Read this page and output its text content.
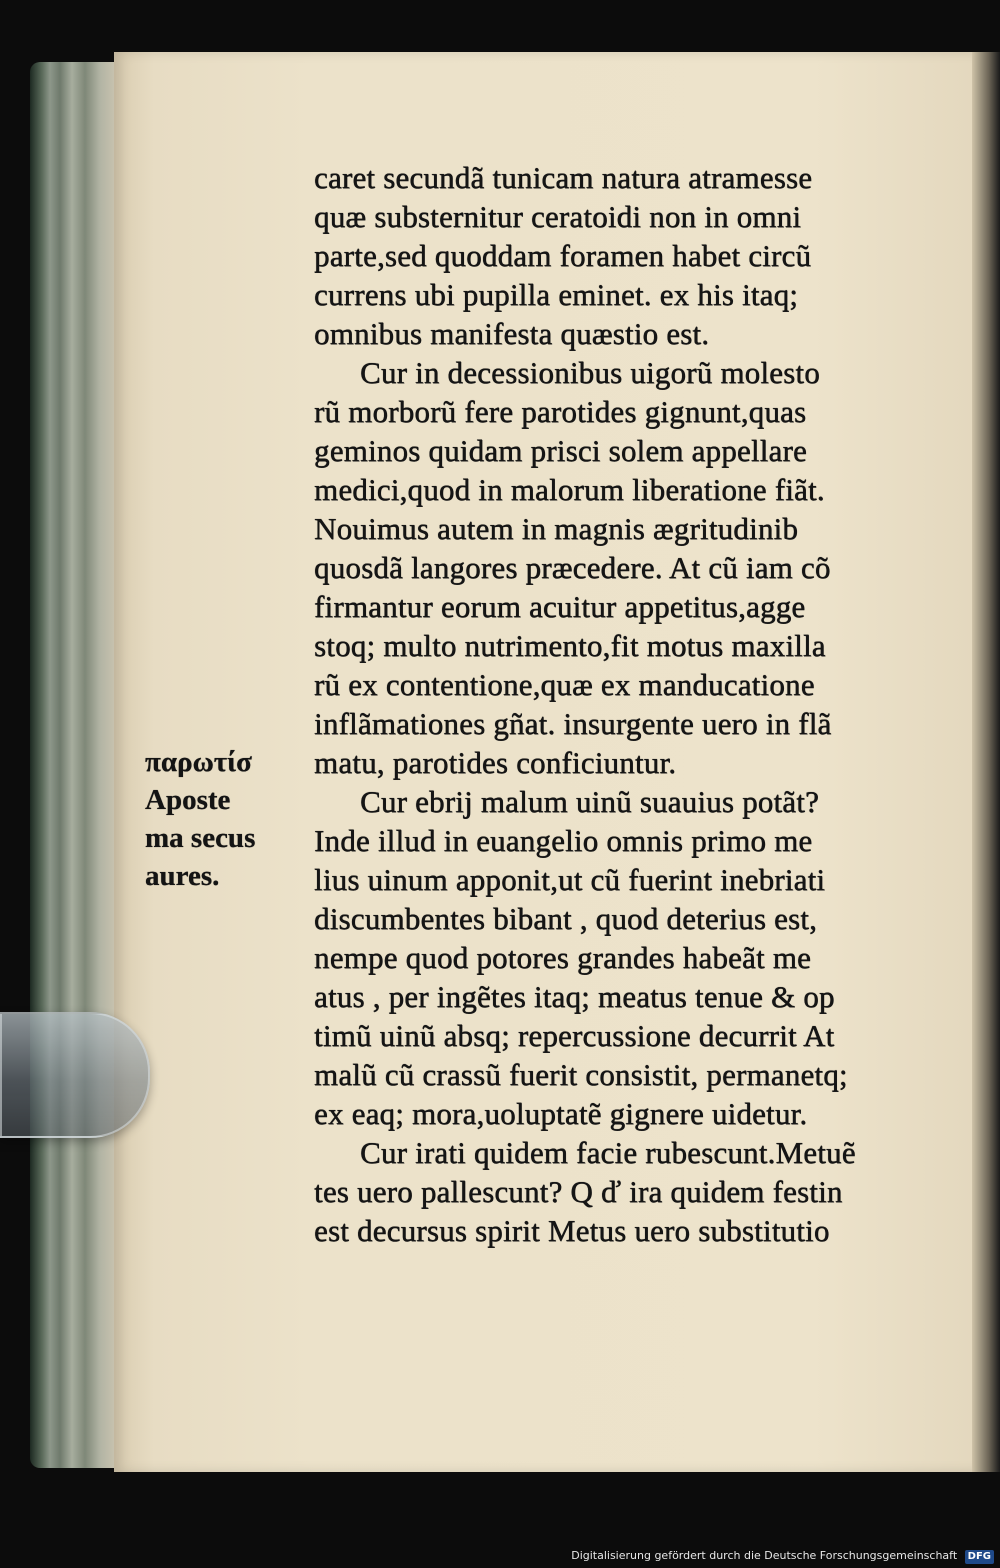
παρωτίσ
Aposte
ma secus
aures.
caret secundã tunicam natura atramesse
quæ substernitur ceratoidi non in omni
parte,sed quoddam foramen habet circũ
currens ubi pupilla eminet. ex his itaq;
omnibus manifesta quæstio est.
Cur in decessionibus uigorũ molesto
rũ morborũ fere parotides gignunt,quas
geminos quidam prisci solem appellare
medici,quod in malorum liberatione fiãt.
Nouimus autem in magnis ægritudinib
quosdã langores præcedere. At cũ iam cõ
firmantur eorum acuitur appetitus,agge
stoq; multo nutrimento,fit motus maxilla
rũ ex contentione,quæ ex manducatione
inflãmationes gñat. insurgente uero in flã
matu, parotides conficiuntur.
Cur ebrij malum uinũ suauius potãt?
Inde illud in euangelio omnis primo me
lius uinum apponit,ut cũ fuerint inebriati
discumbentes bibant , quod deterius est,
nempe quod potores grandes habeãt me
atus , per ingẽtes itaq; meatus tenue & op
timũ uinũ absq; repercussione decurrit At
malũ cũ crassũ fuerit consistit, permanetq;
ex eaq; mora,uoluptatẽ gignere uidetur.
Cur irati quidem facie rubescunt.Metuẽ
tes uero pallescunt? Q ď ira quidem festin
est decursus spirit Metus uero substitutio
Digitalisierung gefördert durch die Deutsche Forschungsgemeinschaft DFG
